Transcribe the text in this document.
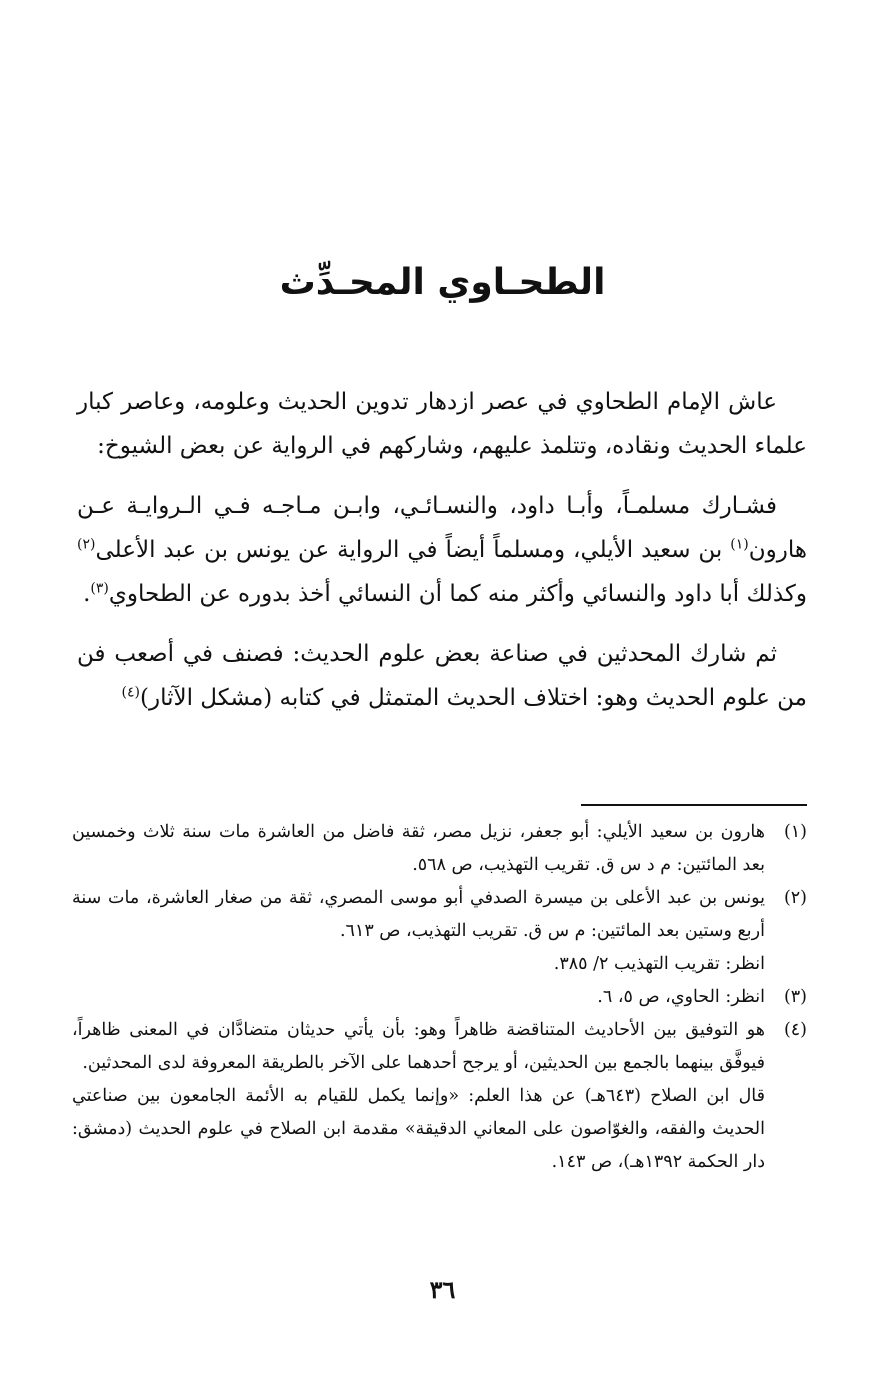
الطحـاوي المحـدِّث

عاش الإمام الطحاوي في عصر ازدهار تدوين الحديث وعلومه، وعاصر كبار علماء الحديث ونقاده، وتتلمذ عليهم، وشاركهم في الرواية عن بعض الشيوخ:

فشـارك مسلمـاً، وأبـا داود، والنسـائـي، وابـن مـاجـه فـي الـروايـة عـن هارون$^{(١)}$ بن سعيد الأيلي، ومسلماً أيضاً في الرواية عن يونس بن عبد الأعلى$^{(٢)}$ وكذلك أبا داود والنسائي وأكثر منه كما أن النسائي أخذ بدوره عن الطحاوي$^{(٣)}$.

ثم شارك المحدثين في صناعة بعض علوم الحديث: فصنف في أصعب فن من علوم الحديث وهو: اختلاف الحديث المتمثل في كتابه (مشكل الآثار)$^{(٤)}$

(١)

هارون بن سعيد الأيلي: أبو جعفر، نزيل مصر، ثقة فاضل من العاشرة مات سنة ثلاث وخمسين بعد المائتين: م د س ق. تقريب التهذيب، ص ٥٦٨.

(٢)

يونس بن عبد الأعلى بن ميسرة الصدفي أبو موسى المصري، ثقة من صغار العاشرة، مات سنة أربع وستين بعد المائتين: م س ق. تقريب التهذيب، ص ٦١٣.

انظر: تقريب التهذيب ٢/ ٣٨٥.

(٣)

انظر: الحاوي، ص ٥، ٦.

(٤)

هو التوفيق بين الأحاديث المتناقضة ظاهراً وهو: بأن يأتي حديثان متضادَّان في المعنى ظاهراً، فيوفَّق بينهما بالجمع بين الحديثين، أو يرجح أحدهما على الآخر بالطريقة المعروفة لدى المحدثين.

قال ابن الصلاح (٦٤٣هـ) عن هذا العلم: «وإنما يكمل للقيام به الأئمة الجامعون بين صناعتي الحديث والفقه، والغوّاصون على المعاني الدقيقة» مقدمة ابن الصلاح في علوم الحديث (دمشق: دار الحكمة ١٣٩٢هـ)، ص ١٤٣.

٣٦
